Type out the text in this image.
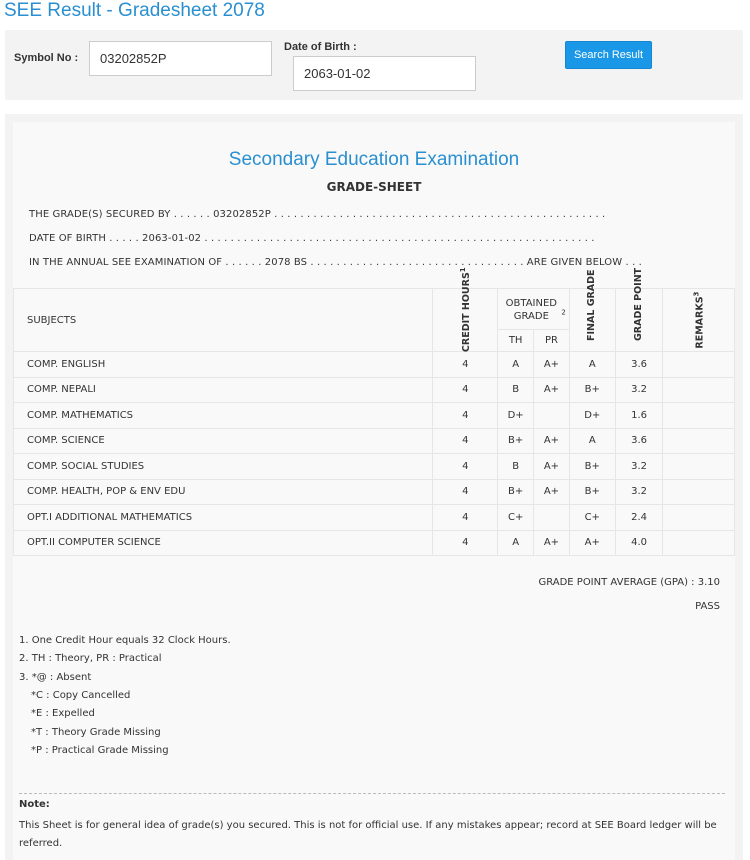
SEE Result - Gradesheet 2078
Symbol No :	03202852P
Date of Birth :
2063-01-02
Search Result
Secondary Education Examination
GRADE-SHEET
THE GRADE(S) SECURED BY . . . . . . 03202852P . . . . . . . . . . . . . . . . . . . . . . . . . . . . . . . . . . . . . . . . . . . . . . . . . . .
DATE OF BIRTH . . . . . 2063-01-02 . . . . . . . . . . . . . . . . . . . . . . . . . . . . . . . . . . . . . . . . . . . . . . . . . . . . . . . . . . . .
IN THE ANNUAL SEE EXAMINATION OF . . . . . . 2078 BS . . . . . . . . . . . . . . . . . . . . . . . . . . . . . . . . . ARE GIVEN BELOW . . .
SUBJECTS	CREDIT HOURS$^1$	OBTAINED GRADE $^2$		FINAL GRADE	GRADE POINT	REMARKS$^3$
		TH	PR			
COMP. ENGLISH	4	A	A+	A	3.6	
COMP. NEPALI	4	B	A+	B+	3.2	
COMP. MATHEMATICS	4	D+		D+	1.6	
COMP. SCIENCE	4	B+	A+	A	3.6	
COMP. SOCIAL STUDIES	4	B	A+	B+	3.2	
COMP. HEALTH, POP & ENV EDU	4	B+	A+	B+	3.2	
OPT.I ADDITIONAL MATHEMATICS	4	C+		C+	2.4	
OPT.II COMPUTER SCIENCE	4	A	A+	A+	4.0	
GRADE POINT AVERAGE (GPA) : 3.10
PASS
1. One Credit Hour equals 32 Clock Hours.
2. TH : Theory, PR : Practical
3. *@ : Absent
*C : Copy Cancelled
*E : Expelled
*T : Theory Grade Missing
*P : Practical Grade Missing
Note:
This Sheet is for general idea of grade(s) you secured. This is not for official use. If any mistakes appear; record at SEE Board ledger will be referred.
